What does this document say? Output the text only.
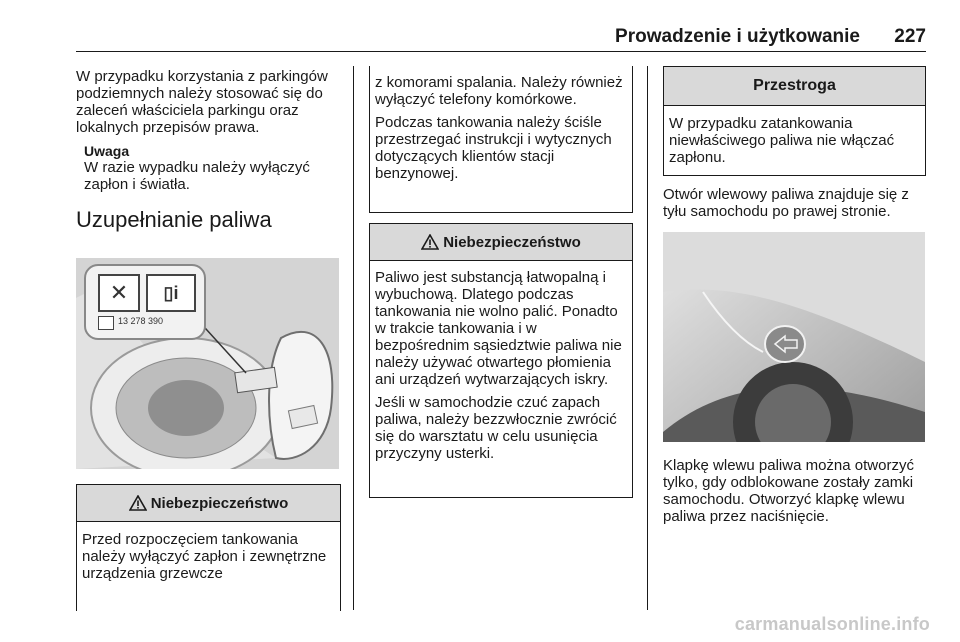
Prowadzenie i użytkowanie	227

W przypadku korzystania z parkingów podziemnych należy stosować się do zaleceń właściciela parkingu oraz lokalnych przepisów prawa.

Uwaga

W razie wypadku należy wyłączyć zapłon i światła.

Uzupełnianie paliwa
✕	▯i
13 278 390
Niebezpieczeństwo

Przed rozpoczęciem tankowania należy wyłączyć zapłon i zewnętrzne urządzenia grzewcze

z komorami spalania. Należy również wyłączyć telefony komórkowe.

Podczas tankowania należy ściśle przestrzegać instrukcji i wytycznych dotyczących klientów stacji benzynowej.

Niebezpieczeństwo

Paliwo jest substancją łatwopalną i wybuchową. Dlatego podczas tankowania nie wolno palić. Ponadto w trakcie tankowania i w bezpośrednim sąsiedztwie paliwa nie należy używać otwartego płomienia ani urządzeń wytwarzających iskry.

Jeśli w samochodzie czuć zapach paliwa, należy bezzwłocznie zwrócić się do warsztatu w celu usunięcia przyczyny usterki.

Przestroga

W przypadku zatankowania niewłaściwego paliwa nie włączać zapłonu.

Otwór wlewowy paliwa znajduje się z tyłu samochodu po prawej stronie.

Klapkę wlewu paliwa można otworzyć tylko, gdy odblokowane zostały zamki samochodu. Otworzyć klapkę wlewu paliwa przez naciśnięcie.

carmanualsonline.info
